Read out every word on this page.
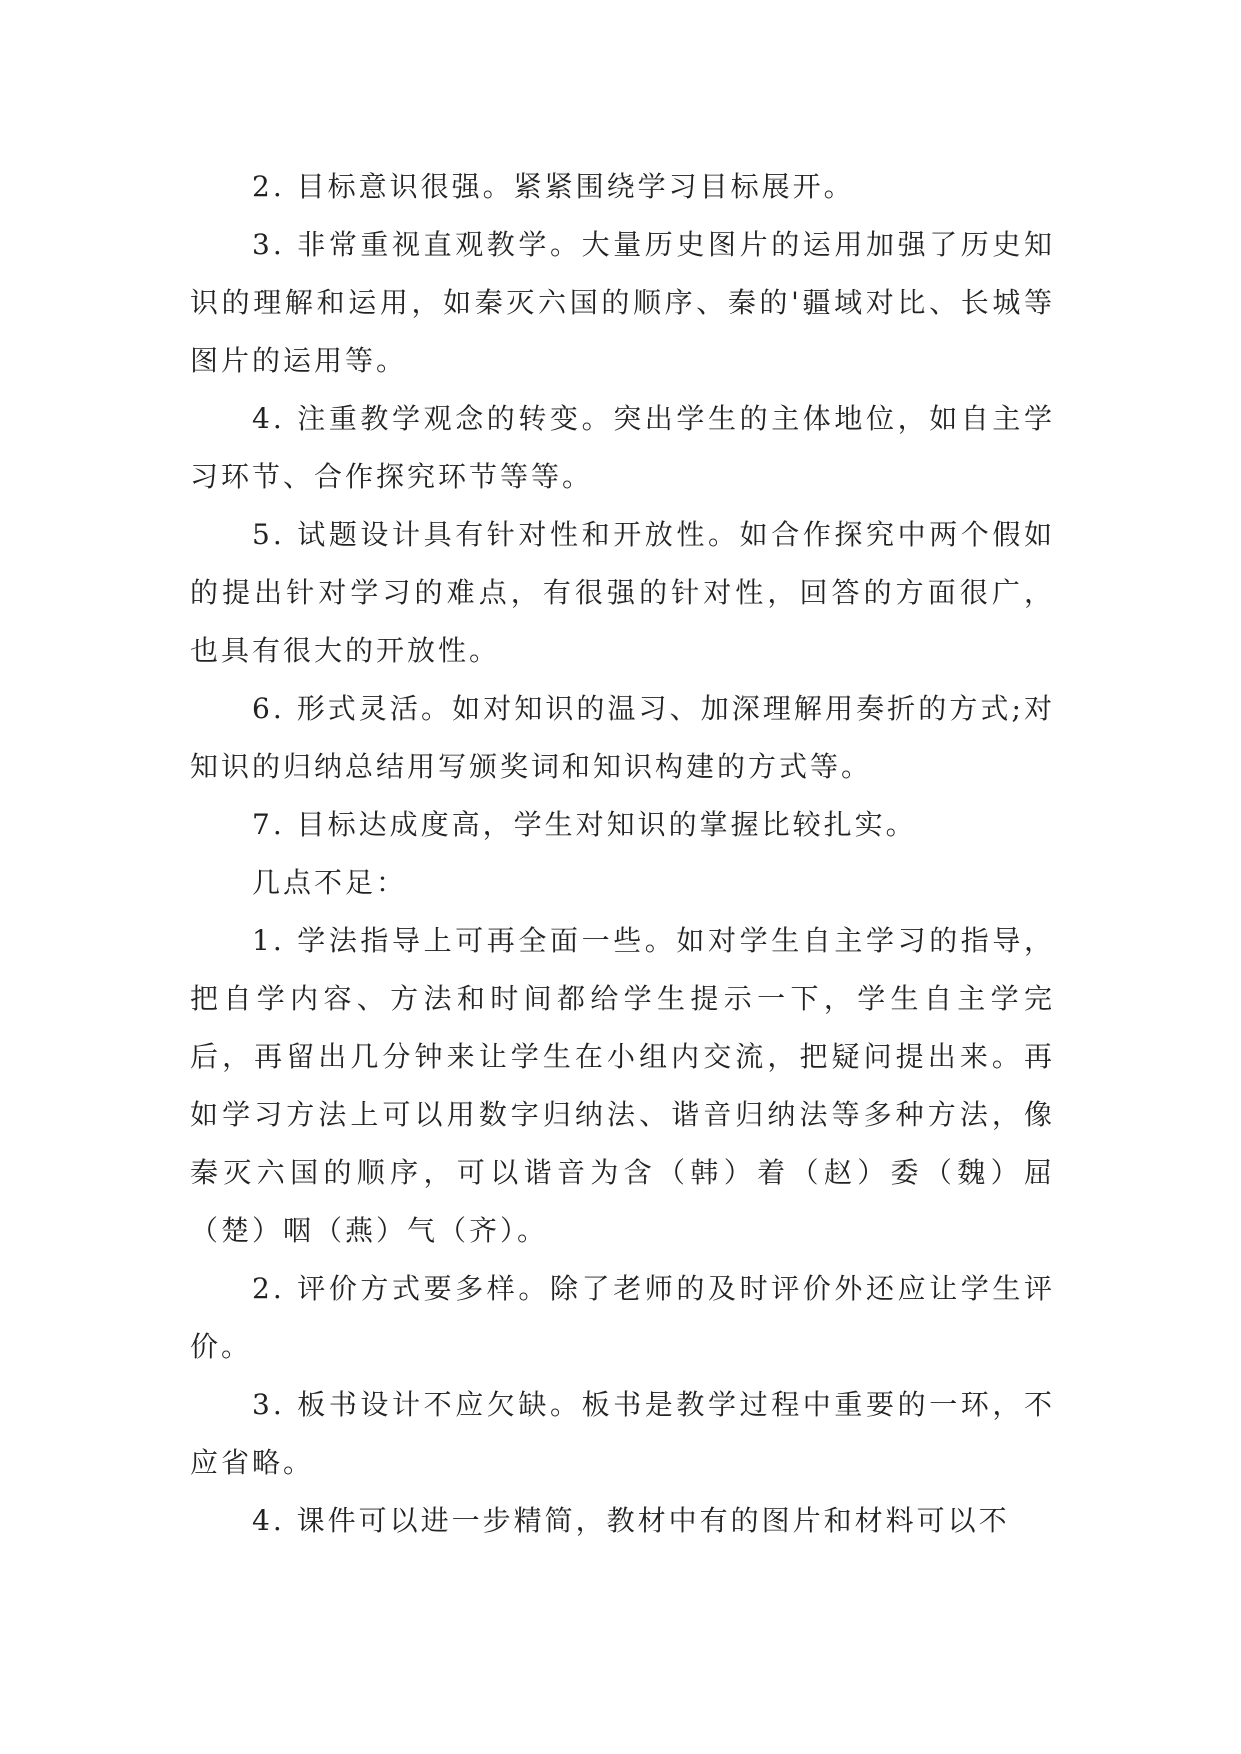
2. 目标意识很强。紧紧围绕学习目标展开。

3. 非常重视直观教学。大量历史图片的运用加强了历史知识的理解和运用，如秦灭六国的顺序、秦的'疆域对比、长城等图片的运用等。

4. 注重教学观念的转变。突出学生的主体地位，如自主学习环节、合作探究环节等等。

5. 试题设计具有针对性和开放性。如合作探究中两个假如的提出针对学习的难点，有很强的针对性，回答的方面很广，也具有很大的开放性。

6. 形式灵活。如对知识的温习、加深理解用奏折的方式;对知识的归纳总结用写颁奖词和知识构建的方式等。

7. 目标达成度高，学生对知识的掌握比较扎实。

几点不足：

1. 学法指导上可再全面一些。如对学生自主学习的指导，把自学内容、方法和时间都给学生提示一下，学生自主学完后，再留出几分钟来让学生在小组内交流，把疑问提出来。再如学习方法上可以用数字归纳法、谐音归纳法等多种方法，像秦灭六国的顺序，可以谐音为含（韩）着（赵）委（魏）屈（楚）咽（燕）气（齐）。

2. 评价方式要多样。除了老师的及时评价外还应让学生评价。

3. 板书设计不应欠缺。板书是教学过程中重要的一环，不应省略。

4. 课件可以进一步精简，教材中有的图片和材料可以不
